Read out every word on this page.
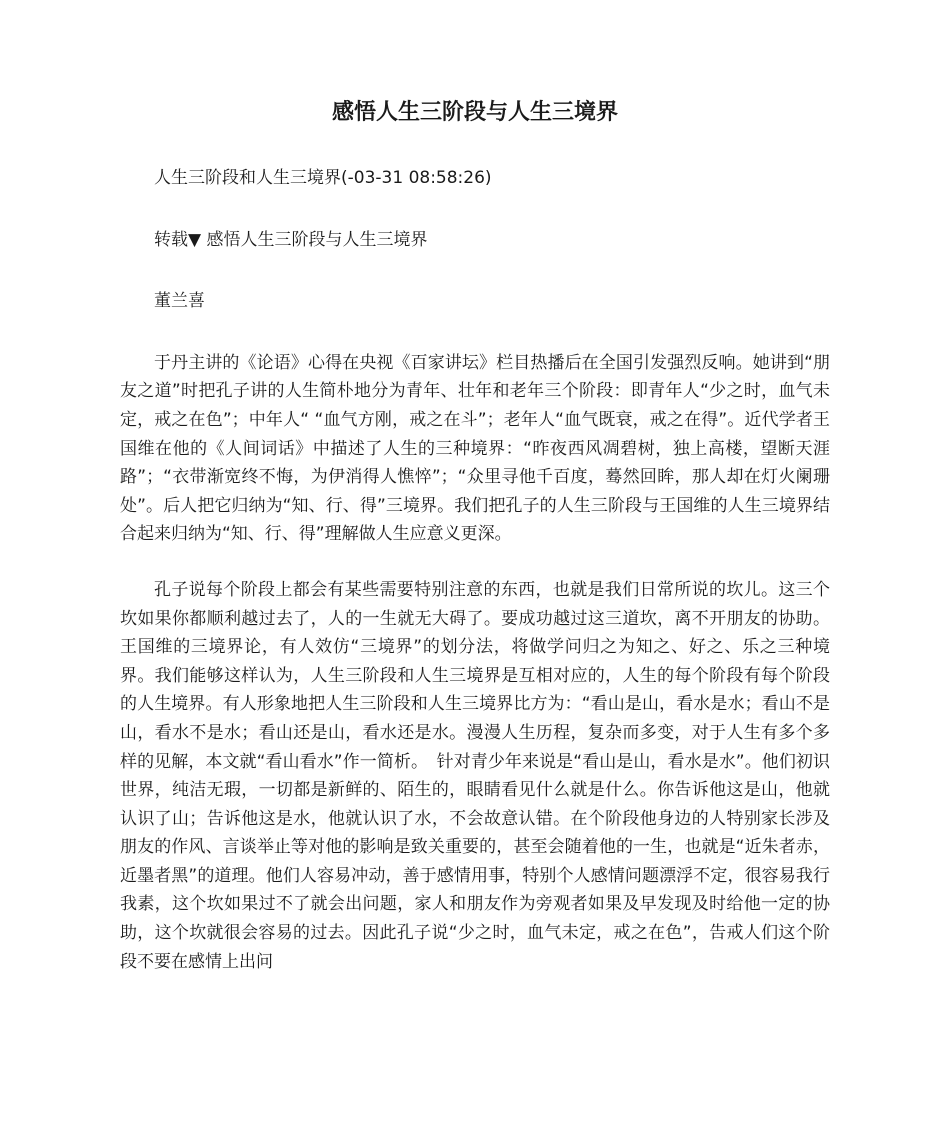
感悟人生三阶段与人生三境界

人生三阶段和人生三境界(-03-31 08:58:26)

转载▼ 感悟人生三阶段与人生三境界

董兰喜

于丹主讲的《论语》心得在央视《百家讲坛》栏目热播后在全国引发强烈反响。她讲到“朋友之道”时把孔子讲的人生简朴地分为青年、壮年和老年三个阶段：即青年人“少之时，血气未定，戒之在色”；中年人“ “血气方刚，戒之在斗”；老年人“血气既衰，戒之在得”。近代学者王国维在他的《人间词话》中描述了人生的三种境界：“昨夜西风凋碧树，独上高楼，望断天涯路”；“衣带渐宽终不悔，为伊消得人憔悴”；“众里寻他千百度，蓦然回眸，那人却在灯火阑珊处”。后人把它归纳为“知、行、得”三境界。我们把孔子的人生三阶段与王国维的人生三境界结合起来归纳为“知、行、得”理解做人生应意义更深。

孔子说每个阶段上都会有某些需要特别注意的东西，也就是我们日常所说的坎儿。这三个坎如果你都顺利越过去了，人的一生就无大碍了。要成功越过这三道坎，离不开朋友的协助。王国维的三境界论，有人效仿“三境界”的划分法，将做学问归之为知之、好之、乐之三种境界。我们能够这样认为，人生三阶段和人生三境界是互相对应的，人生的每个阶段有每个阶段的人生境界。有人形象地把人生三阶段和人生三境界比方为：“看山是山，看水是水；看山不是山，看水不是水；看山还是山，看水还是水。漫漫人生历程，复杂而多变，对于人生有多个多样的见解，本文就“看山看水”作一简析。　针对青少年来说是“看山是山，看水是水”。他们初识世界，纯洁无瑕，一切都是新鲜的、陌生的，眼睛看见什么就是什么。你告诉他这是山，他就认识了山；告诉他这是水，他就认识了水，不会故意认错。在个阶段他身边的人特别家长涉及朋友的作风、言谈举止等对他的影响是致关重要的，甚至会随着他的一生，也就是“近朱者赤，近墨者黑”的道理。他们人容易冲动，善于感情用事，特别个人感情问题漂浮不定，很容易我行我素，这个坎如果过不了就会出问题，家人和朋友作为旁观者如果及早发现及时给他一定的协助，这个坎就很会容易的过去。因此孔子说“少之时，血气未定，戒之在色”，告戒人们这个阶段不要在感情上出问
